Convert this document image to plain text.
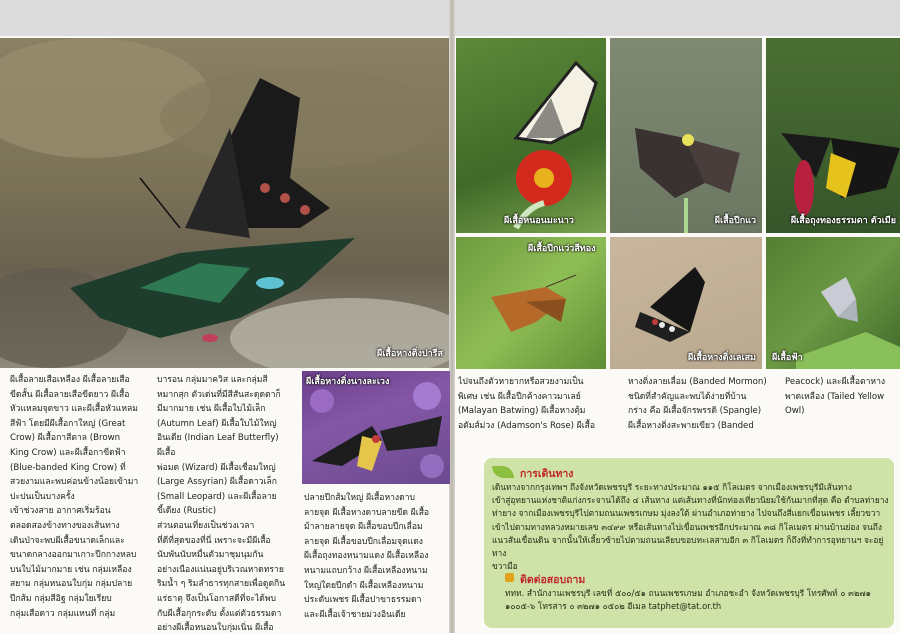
ผีเสื้อหางติ่งปารีส
ผีเสื้อหนอนมะนาว	ผีเสื้อปีกแว	ผีเสื้อถุงทองธรรมดา ตัวเมีย
ผีเสื้อปีกแว่วสีทอง
ผีเสื้อหางติ่งเลเสม ผีเสื้อฟ้า
ผีเสื้อหางติ่งนางละเวง

ผีเสื้อลายเสือเหลือง ผีเสื้อลายเสือ
ขีดสั้น ผีเสื้อลายเสือขีดยาว ผีเสื้อ
หัวแหลมจุดขาว และผีเสื้อหัวแหลม
สีฟ้า โดยมีผีเสื้อกาใหญ่ (Great
Crow) ผีเสื้อกาสีตาล (Brown
King Crow) และผีเสื้อกาขีดฟ้า
(Blue-banded King Crow) ที่
สวยงามและพบค่อนข้างน้อยเข้ามา
ปะปนเป็นบางครั้ง
เข้าช่วงสาย อากาศเริ่มร้อน
ตลอดสองข้างทางของเส้นทาง
เดินป่าจะพบผีเสื้อขนาดเล็กและ
ขนาดกลางออกมาเกาะปีกกางหลบ
บนใบไม้มากมาย เช่น กลุ่มเหลือง
สยาม กลุ่มหนอนใบกุ่ม กลุ่มปลาย
ปีกส้ม กลุ่มสีอิฐ กลุ่มใยเรียบ
กลุ่มเสือดาว กลุ่มแหนที่ กลุ่ม

บารอน กลุ่มมาควิส และกลุ่มสี
หมากสุก ตัวเด่นที่มีสีสันสะดุดตาก็
มีมากมาย เช่น ผีเสื้อใบไม้เล็ก
(Autumn Leaf) ผีเสื้อใบไม้ใหญ่
อินเดีย (Indian Leaf Butterfly) ผีเสื้อ
พ่อมด (Wizard) ผีเสื้อเชื่อมใหญ่
(Large Assyrian) ผีเสื้อดาวเล็ก
(Small Leopard) และผีเสื้อลาย
ขี้เดียง (Rustic)
ส่วนตอนเที่ยงเป็นช่วงเวลา
ที่ดีที่สุดของที่นี่ เพราะจะมีผีเสื้อ
นับพันนับหมื่นตัวมาชุมนุมกัน
อย่างเนืองแน่นอยู่บริเวณหาดทราย
ริมน้ำ ๆ ริมลำธารทุกสายเพื่อดูดกิน
แร่ธาตุ จึงเป็นโอกาสดีที่จะได้พบ
กับผีเสื้อกุกระดับ ตั้งแต่ตัวธรรมดา
อย่างผีเสื้อหนอนใบกุ่มเนิ่น ผีเสื้อ

ปลายปีกส้มใหญ่ ผีเสื้อหางดาบ
ลายจุด ผีเสื้อหางดาบลายขีด ผีเสื้อ
ม้าลายลายจุด ผีเสื้อขอบปีกเลื่อม
ลายจุด ผีเสื้อขอบปีกเลื่อมจุดแดง
ผีเสื้อถุงทองหนามแดง ผีเสื้อเหลือง
หนามแถบกว้าง ผีเสื้อเหลืองหนาม
ใหญ่ใตยปีกดำ ผีเสื้อเหลืองหนาม
ประดับเพชร ผีเสื้อปาขาธรรมดา
และผีเสื้อเจ้าชายม่วงอินเดีย

ไปจนถึงตัวหายากหรือสวยงามเป็น
พิเศษ เช่น ผีเสื้อปีกค้างคาวมาเลย์
(Malayan Batwing) ผีเสื้อหางตุ้ม
อดัมส์ม่วง (Adamson's Rose) ผีเสื้อ

หางติ่งลายเลื่อม (Banded Mormon)
ชนิดที่สำคัญและพบได้ง่ายที่บ้าน
กร่าง คือ ผีเสื้อจักรพรรดิ (Spangle)
ผีเสื้อหางติ่งสะพายเขียว (Banded

Peacock) และผีเสื้อตาหางพาดเหลือง (Tailed Yellow Owl)

การเดินทาง
เดินทางจากกรุงเทพฯ ถึงจังหวัดเพชรบุรี ระยะทางประมาณ ๑๑๕ กิโลเมตร จากเมืองเพชรบุรีมีเส้นทาง
เข้าสู่อุทยานแห่งชาติแก่งกระจานได้ถึง ๔ เส้นทาง แต่เส้นทางที่นักท่องเที่ยวนิยมใช้กันมากที่สุด คือ ตำบลท่ายาง
ท่ายาง จากเมืองเพชรบุรีไปตามถนนเพชรเกษม มุ่งลงใต้ ผ่านอำเภอท่ายาง ไปจนถึงสี่แยกเขื่อนเพชร เลี้ยวขวา
เข้าไปตามทางหลวงหมายเลข ๓๔๙๙ หรือเส้นทางไปเขื่อนเพชรอีกประมาณ ๓๘ กิโลเมตร ผ่านบ้านย่อง จนถึง
แนวสันเขื่อนดิน จากนั้นให้เลี้ยวซ้ายไปตามถนนเลียบขอบทะเลสาบอีก ๓ กิโลเมตร ก็ถึงที่ทำการอุทยานฯ จะอยู่ทาง
ขวามือ
ติดต่อสอบถาม
ททท. สำนักงานเพชรบุรี เลขที่ ๕๐๐/๕๑ ถนนเพชรเกษม อำเภอชะอำ จังหวัดเพชรบุรี โทรศัพท์ ๐ ๓๒๗๑
๑๐๐๕-๖ โทรสาร ๐ ๓๒๗๑ ๐๕๐๒ อีเมล tatphet@tat.or.th
